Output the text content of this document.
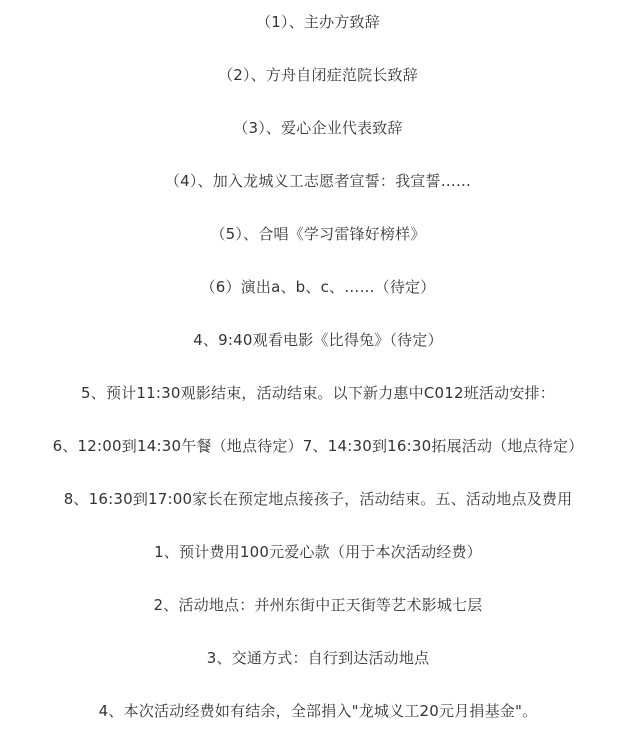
（1）、主办方致辞
（2）、方舟自闭症范院长致辞
（3）、爱心企业代表致辞
（4）、加入龙城义工志愿者宣誓：我宣誓……
（5）、合唱《学习雷锋好榜样》
（6）演出a、b、c、……（待定）
4、9:40观看电影《比得兔》（待定）
5、预计11:30观影结束，活动结束。以下新力惠中C012班活动安排：
6、12:00到14:30午餐（地点待定）7、14:30到16:30拓展活动（地点待定）
8、16:30到17:00家长在预定地点接孩子，活动结束。五、活动地点及费用
1、预计费用100元爱心款（用于本次活动经费）
2、活动地点：并州东街中正天街等艺术影城七层
3、交通方式：自行到达活动地点
4、本次活动经费如有结余，全部捐入"龙城义工20元月捐基金"。
